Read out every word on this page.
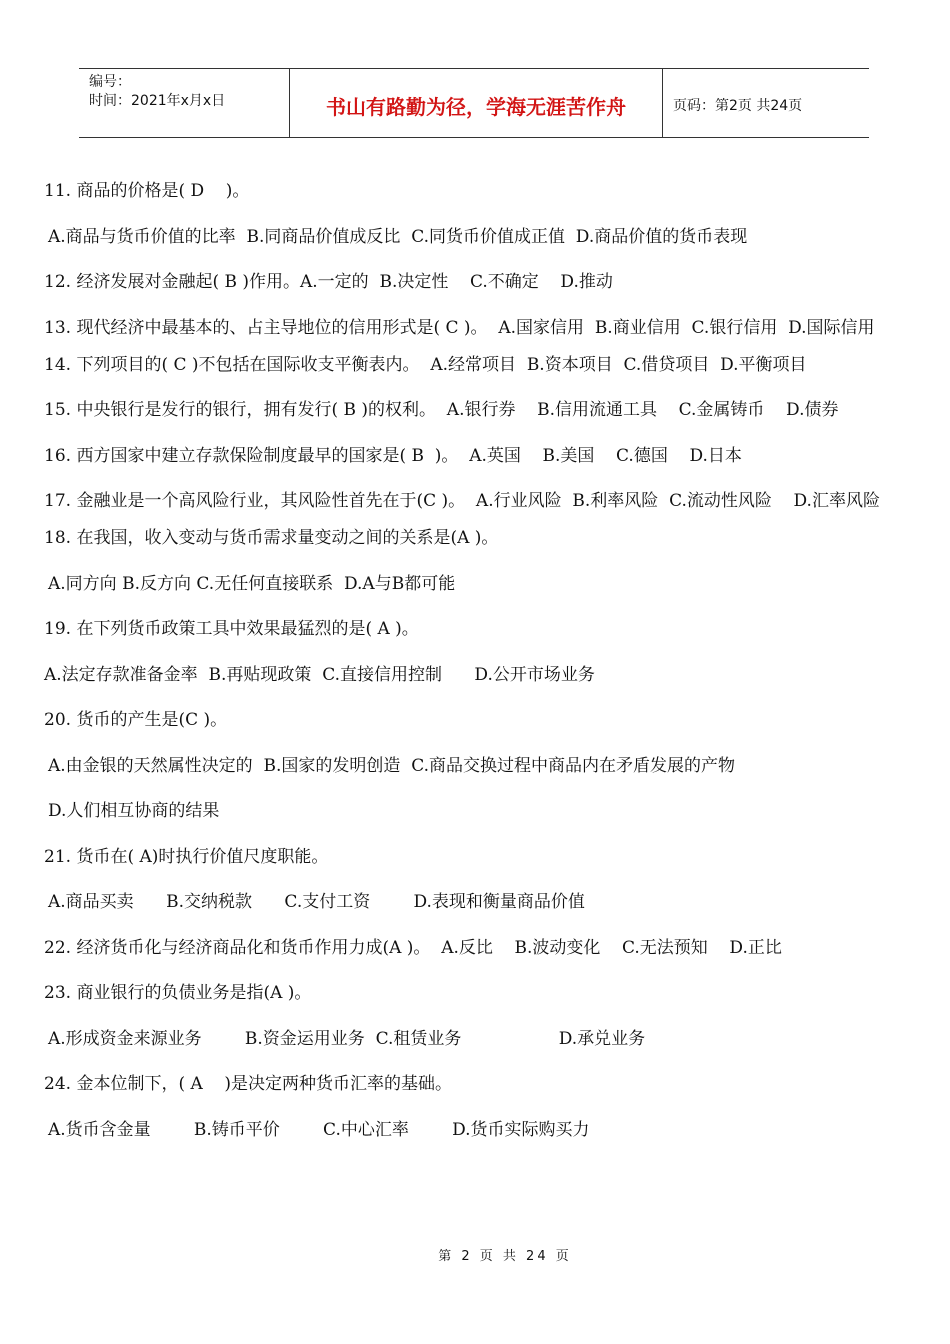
编号：
时间：2021年x月x日	书山有路勤为径，学海无涯苦作舟	页码：第2页 共24页
11. 商品的价格是( D    )。
A.商品与货币价值的比率  B.同商品价值成反比  C.同货币价值成正值  D.商品价值的货币表现
12. 经济发展对金融起( B )作用。A.一定的  B.决定性    C.不确定    D.推动
13. 现代经济中最基本的、占主导地位的信用形式是( C )。  A.国家信用  B.商业信用  C.银行信用  D.国际信用
14. 下列项目的( C )不包括在国际收支平衡表内。  A.经常项目  B.资本项目  C.借贷项目  D.平衡项目
15. 中央银行是发行的银行，拥有发行( B )的权利。  A.银行券    B.信用流通工具    C.金属铸币    D.债券
16. 西方国家中建立存款保险制度最早的国家是( B  )。  A.英国    B.美国    C.德国    D.日本
17. 金融业是一个高风险行业，其风险性首先在于(C )。  A.行业风险  B.利率风险  C.流动性风险    D.汇率风险
18. 在我国，收入变动与货币需求量变动之间的关系是(A )。
A.同方向 B.反方向 C.无任何直接联系  D.A与B都可能
19. 在下列货币政策工具中效果最猛烈的是( A )。
A.法定存款准备金率  B.再贴现政策  C.直接信用控制      D.公开市场业务
20. 货币的产生是(C )。
A.由金银的天然属性决定的  B.国家的发明创造  C.商品交换过程中商品内在矛盾发展的产物
D.人们相互协商的结果
21. 货币在( A)时执行价值尺度职能。
A.商品买卖      B.交纳税款      C.支付工资        D.表现和衡量商品价值
22. 经济货币化与经济商品化和货币作用力成(A )。  A.反比    B.波动变化    C.无法预知    D.正比
23. 商业银行的负债业务是指(A )。
A.形成资金来源业务        B.资金运用业务  C.租赁业务                  D.承兑业务
24. 金本位制下，( A    )是决定两种货币汇率的基础。
A.货币含金量        B.铸币平价        C.中心汇率        D.货币实际购买力
第 2 页 共 24 页
